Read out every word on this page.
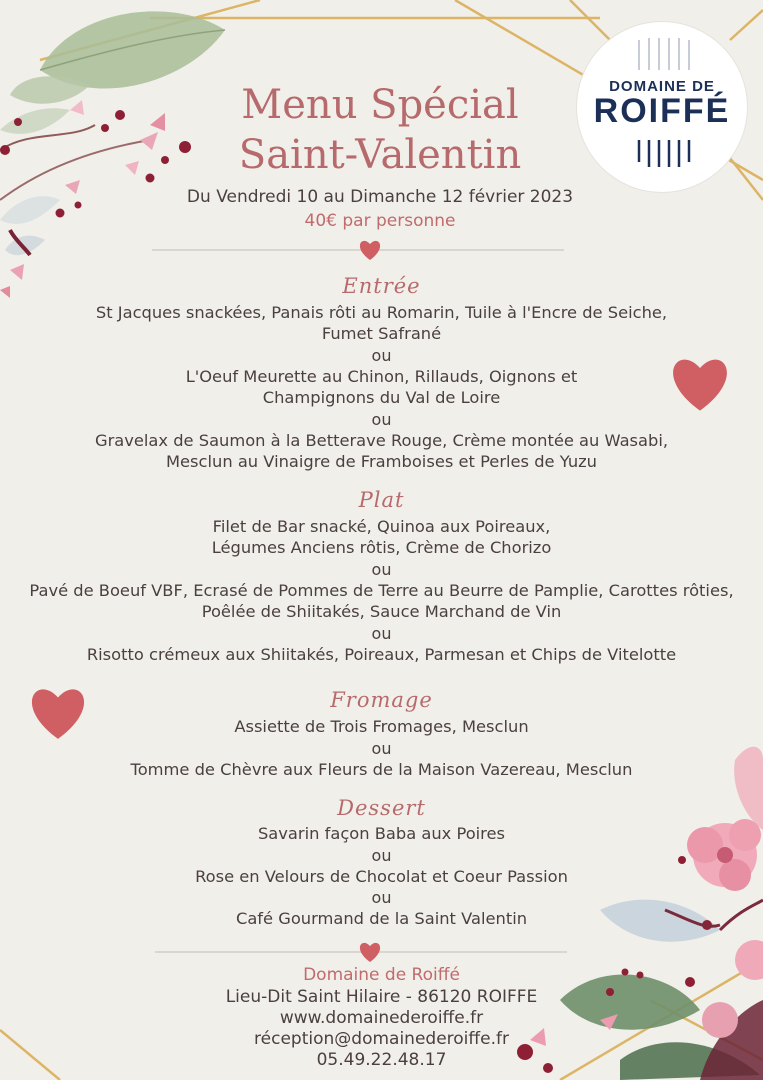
DOMAINE DE
ROIFFÉ
Menu Spécial
Saint-Valentin
Du Vendredi 10 au Dimanche 12 février 2023
40€ par personne
Entrée
St Jacques snackées, Panais rôti au Romarin, Tuile à l'Encre de Seiche,
Fumet Safrané
ou
L'Oeuf Meurette au Chinon, Rillauds, Oignons et
Champignons du Val de Loire
ou
Gravelax de Saumon à la Betterave Rouge, Crème montée au Wasabi,
Mesclun au Vinaigre de Framboises et Perles de Yuzu
Plat
Filet de Bar snacké, Quinoa aux Poireaux,
Légumes Anciens rôtis, Crème de Chorizo
ou
Pavé de Boeuf VBF, Ecrasé de Pommes de Terre au Beurre de Pamplie, Carottes rôties,
Poêlée de Shiitakés, Sauce Marchand de Vin
ou
Risotto crémeux aux Shiitakés, Poireaux, Parmesan et Chips de Vitelotte
Fromage
Assiette de Trois Fromages, Mesclun
ou
Tomme de Chèvre aux Fleurs de la Maison Vazereau, Mesclun
Dessert
Savarin façon Baba aux Poires
ou
Rose en Velours de Chocolat et Coeur Passion
ou
Café Gourmand de la Saint Valentin
Domaine de Roiffé
Lieu-Dit Saint Hilaire - 86120 ROIFFE
www.domainederoiffe.fr
réception@domainederoiffe.fr
05.49.22.48.17
